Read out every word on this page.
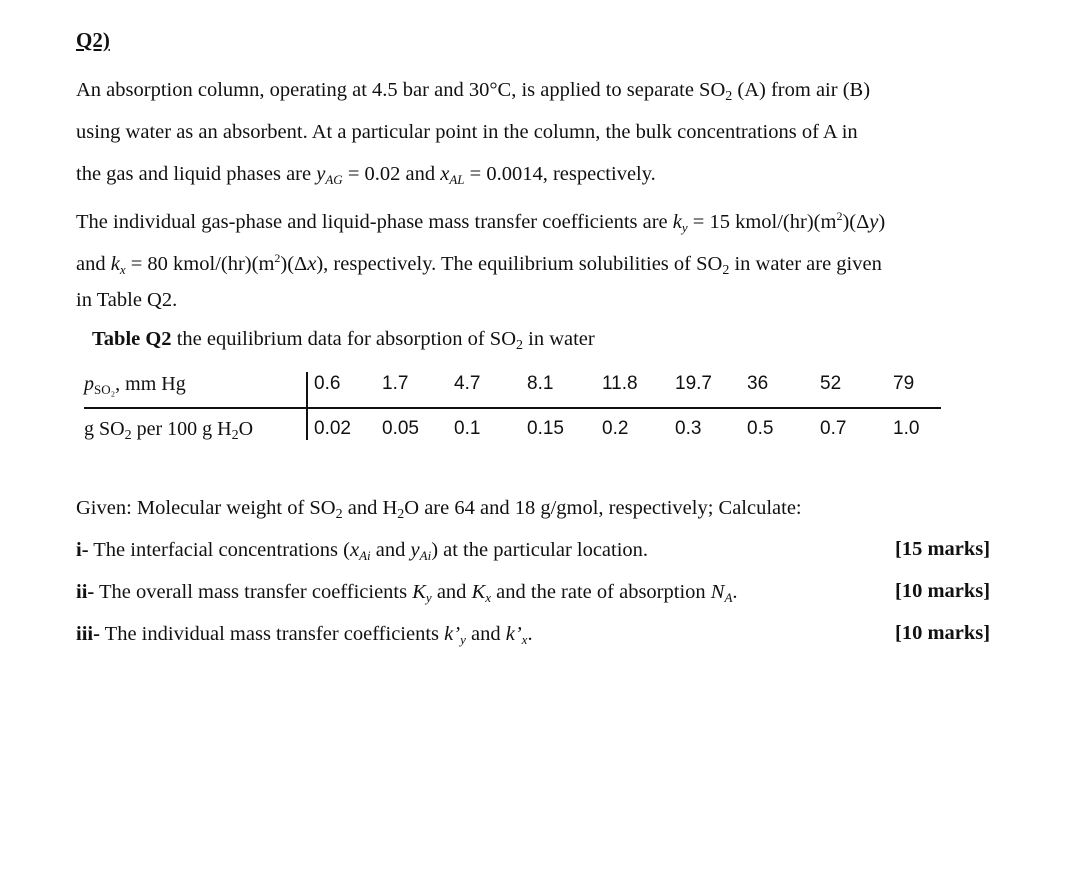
Q2)
An absorption column, operating at 4.5 bar and 30°C, is applied to separate SO2 (A) from air (B)
using water as an absorbent. At a particular point in the column, the bulk concentrations of A in
the gas and liquid phases are $y_{AG} = 0.02$ and $x_{AL} = 0.0014$, respectively.
The individual gas-phase and liquid-phase mass transfer coefficients are $k_y = 15$ kmol/$(hr)(m^2)(\Delta y)$
and $k_x = 80$ kmol/$(hr)(m^2)(\Delta x)$, respectively. The equilibrium solubilities of SO2 in water are given
in Table Q2.
Table Q2 the equilibrium data for absorption of SO2 in water
$p_{SO_2}$, mm Hg	0.6 1.7 4.7 8.1	11.8 19.7 36	52	79
g $SO_2$ per 100 g $H_2O$	0.02 0.05 0.1 0.15 0.2 0.3 0.5 0.7 1.0
Given: Molecular weight of SO2 and H2O are 64 and 18 g/gmol, respectively; Calculate:
i- The interfacial concentrations ($x_{Ai}$ and $y_{Ai}$) at the particular location.	[15 marks]
ii- The overall mass transfer coefficients $K_y$ and $K_x$ and the rate of absorption $N_A$.	[10 marks]
iii- The individual mass transfer coefficients $k’_y$ and $k’_x$.	[10 marks]
